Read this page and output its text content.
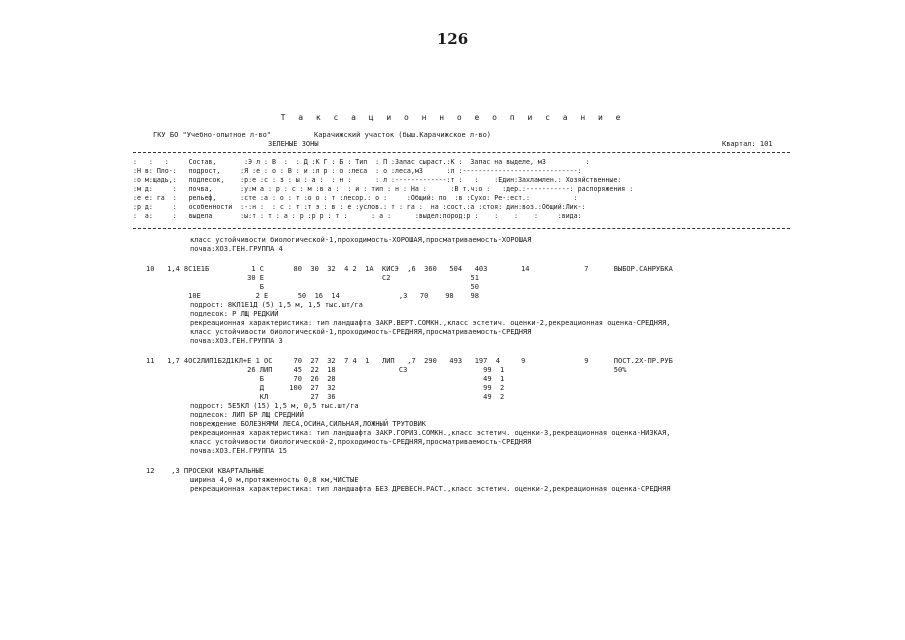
126
Т а к с а ц и о н н о е о п и с а н и е
ГКУ БО "Учебно-опытное л-во"	Карачижский участок (быш.Карачижское л-во)
ЗЕЛЕНЫЕ ЗОНЫ	Квартал: 101
:   :   :     Состав,       :Э л : В  :  : Д :К Г : Б : Тип  : П :Запас сыраст.:К :  Запас на выделе, м3          :
:Н в: Пло-:   подрост,     :Я :е : о : В : и :л р : о :леса  : о :леса,м3      :л :-----------------------------:
:о м:щадь,:   подлесок,    :р:е :с : з : ы : а :  : н :      : л :-------------:т :   :    :Един:Захламлен.: Хозяйственные:
:м д:     :   почва,       :у:м а : р : с : м :в а :  : и : тип : н : На :      :В т.ч:о :   :дер.:-----------: распоряжения :
:е е: га  :   рельеф,      :сте :а : о : т :о о : т :лесор.: о :     :Общий: по  :в :Сухо: Ре-:ест.:           :
:р д:     :   особенности  :-:н :  : с : т :т э : в : е :услов.: т : га :  на :сост.:а :стоя: дин:воз.:Общий:Лик-:
:  а:     :   выдела       :ы:т : т : а : р :р р : т :      : а :      :выдел:пород:р :    :    :    :     :вида:
класс устойчивости биологической-1,проходимость-ХОРОШАЯ,просматриваемость-ХОРОШАЯ
почва:ХОЗ.ГЕН.ГРУППА 4
10   1,4 8С1Е1Б          1 С       80  30  32  4 2  1А  КИСЭ  ,6  360   504   403        14             7      ВЫБОР.САНРУБКА
30 Е                            С2                   51
Б                                                 50
10Е             2 Е       50  16  14              ,3   70    98    98
подрост: 8КЛ1Е1Д (5) 1,5 м, 1,5 тыс.шт/га
подлесок: Р ЛЩ РЕДКИЙ
рекреационная характеристика: тип ландшафта ЗАКР.ВЕРТ.СОМКН.,класс эстетич. оценки-2,рекреационная оценка-СРЕДНЯЯ,
класс устойчивости биологической-1,проходимость-СРЕДНЯЯ,просматриваемость-СРЕДНЯЯ
почва:ХОЗ.ГЕН.ГРУППА 3
11   1,7 4ОС2ЛИП1Б2Д1КЛ+Е 1 ОС     70  27  32  7 4  1   ЛИП   ,7  290   493   197  4     9              9      ПОСТ.2Х-ПР.РУБ
26 ЛИП     45  22  18               С3                  99  1                          50%
Б       70  26  28                                   49  1
Д      100  27  32                                   99  2
КЛ          27  36                                   49  2
подрост: 5Е5КЛ (15) 1,5 м, 0,5 тыс.шт/га
подлесок: ЛИП БР ЛЩ СРЕДНИЙ
повреждение БОЛЕЗНЯМИ ЛЕСА,ОСИНА,СИЛЬНАЯ,ЛОЖНЫЙ ТРУТОВИК
рекреационная характеристика: тип ландшафта ЗАКР.ГОРИЗ.СОМКН.,класс эстетич. оценки-3,рекреационная оценка-НИЗКАЯ,
класс устойчивости биологической-2,проходимость-СРЕДНЯЯ,просматриваемость-СРЕДНЯЯ
почва:ХОЗ.ГЕН.ГРУППА 15
12    ,3 ПРОСЕКИ КВАРТАЛЬНЫЕ
ширина 4,0 м,протяженность 0,8 км,ЧИСТЫЕ
рекреационная характеристика: тип ландшафта БЕЗ ДРЕВЕСН.РАСТ.,класс эстетич. оценки-2,рекреационная оценка-СРЕДНЯЯ
